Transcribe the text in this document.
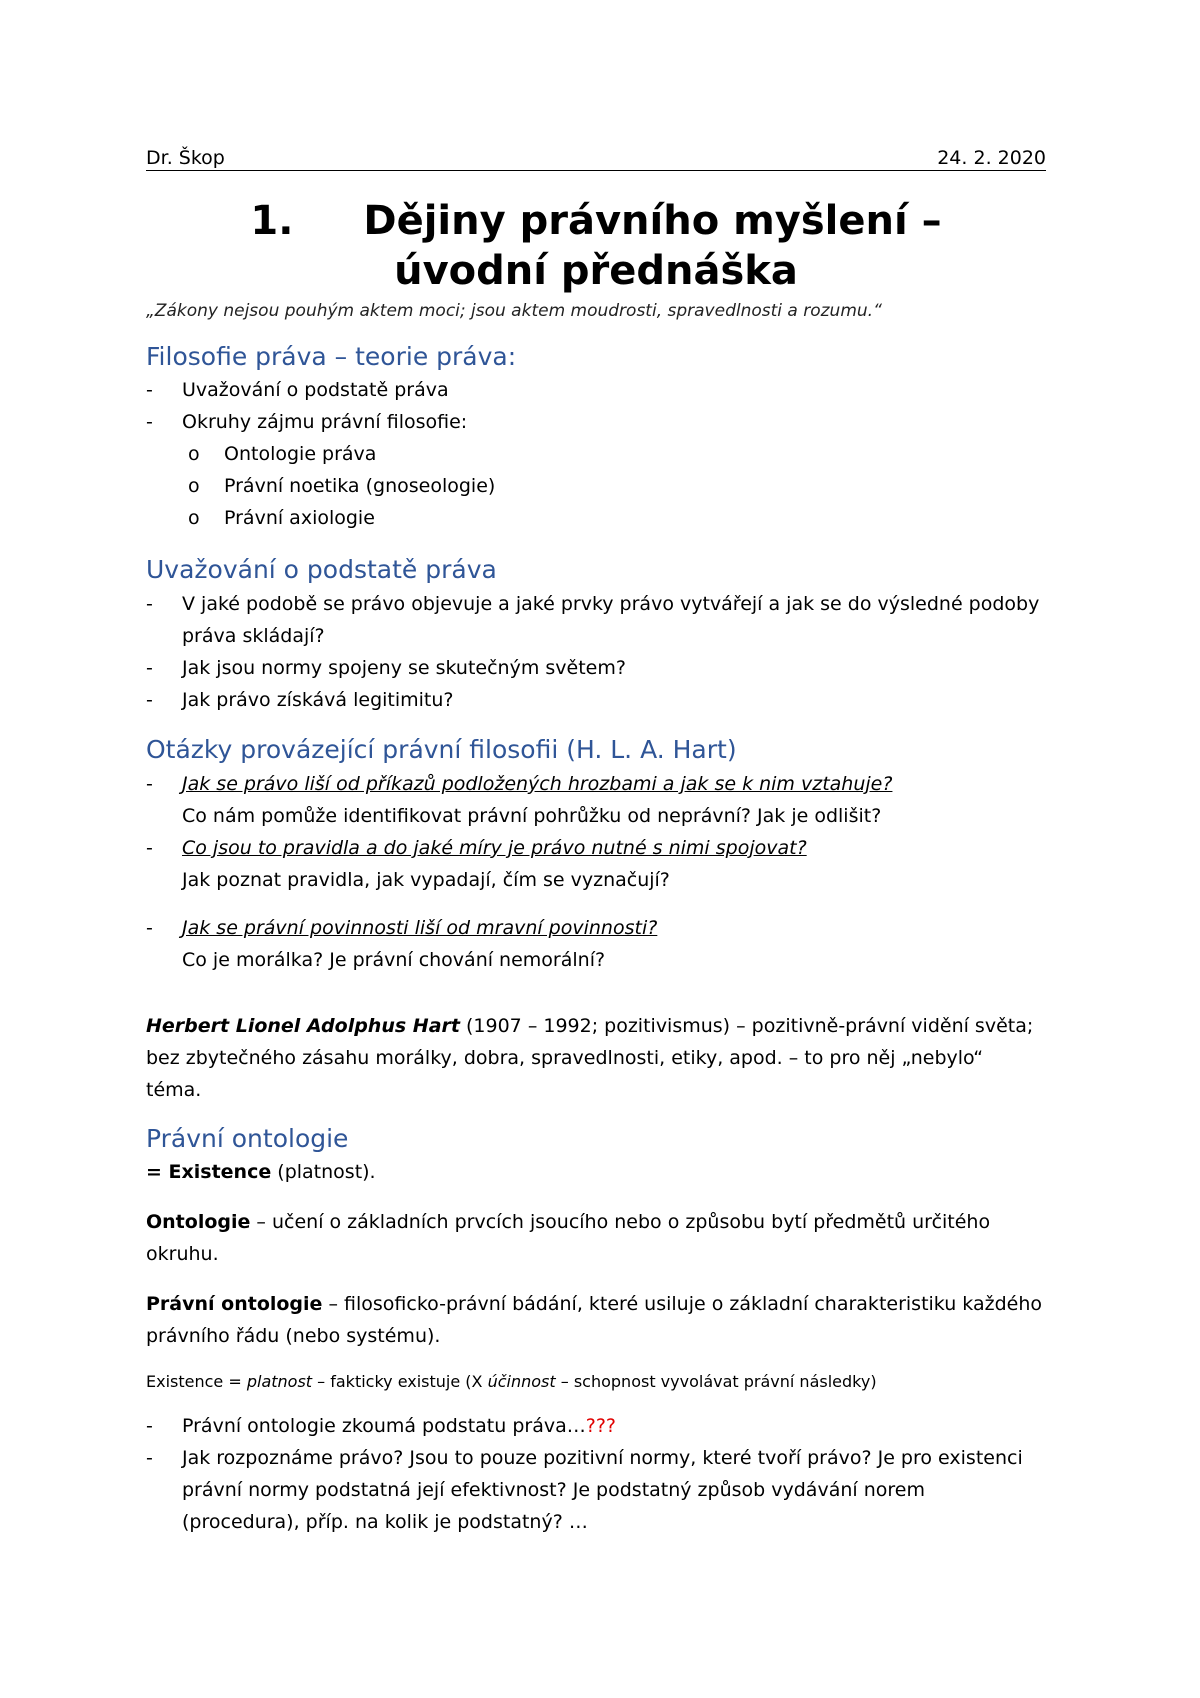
Dr. Škop	24. 2. 2020
1. Dějiny právního myšlení –
úvodní přednáška
„Zákony nejsou pouhým aktem moci; jsou aktem moudrosti, spravedlnosti a rozumu.“
Filosofie práva – teorie práva:
- Uvažování o podstatě práva
- Okruhy zájmu právní filosofie:
o Ontologie práva
o Právní noetika (gnoseologie)
o Právní axiologie
Uvažování o podstatě práva
- V jaké podobě se právo objevuje a jaké prvky právo vytvářejí a jak se do výsledné podoby
práva skládají?
- Jak jsou normy spojeny se skutečným světem?
- Jak právo získává legitimitu?
Otázky provázející právní filosofii (H. L. A. Hart)
- Jak se právo liší od příkazů podložených hrozbami a jak se k nim vztahuje?
Co nám pomůže identifikovat právní pohrůžku od neprávní? Jak je odlišit?
- Co jsou to pravidla a do jaké míry je právo nutné s nimi spojovat?
Jak poznat pravidla, jak vypadají, čím se vyznačují?
- Jak se právní povinnosti liší od mravní povinnosti?
Co je morálka? Je právní chování nemorální?
Herbert Lionel Adolphus Hart (1907 – 1992; pozitivismus) – pozitivně-právní vidění světa;
bez zbytečného zásahu morálky, dobra, spravedlnosti, etiky, apod. – to pro něj „nebylo“
téma.
Právní ontologie
= Existence (platnost).
Ontologie – učení o základních prvcích jsoucího nebo o způsobu bytí předmětů určitého
okruhu.
Právní ontologie – filosoficko-právní bádání, které usiluje o základní charakteristiku každého
právního řádu (nebo systému).
Existence = platnost – fakticky existuje (X účinnost – schopnost vyvolávat právní následky)
- Právní ontologie zkoumá podstatu práva…???
- Jak rozpoznáme právo? Jsou to pouze pozitivní normy, které tvoří právo? Je pro existenci
právní normy podstatná její efektivnost? Je podstatný způsob vydávání norem
(procedura), příp. na kolik je podstatný? …
